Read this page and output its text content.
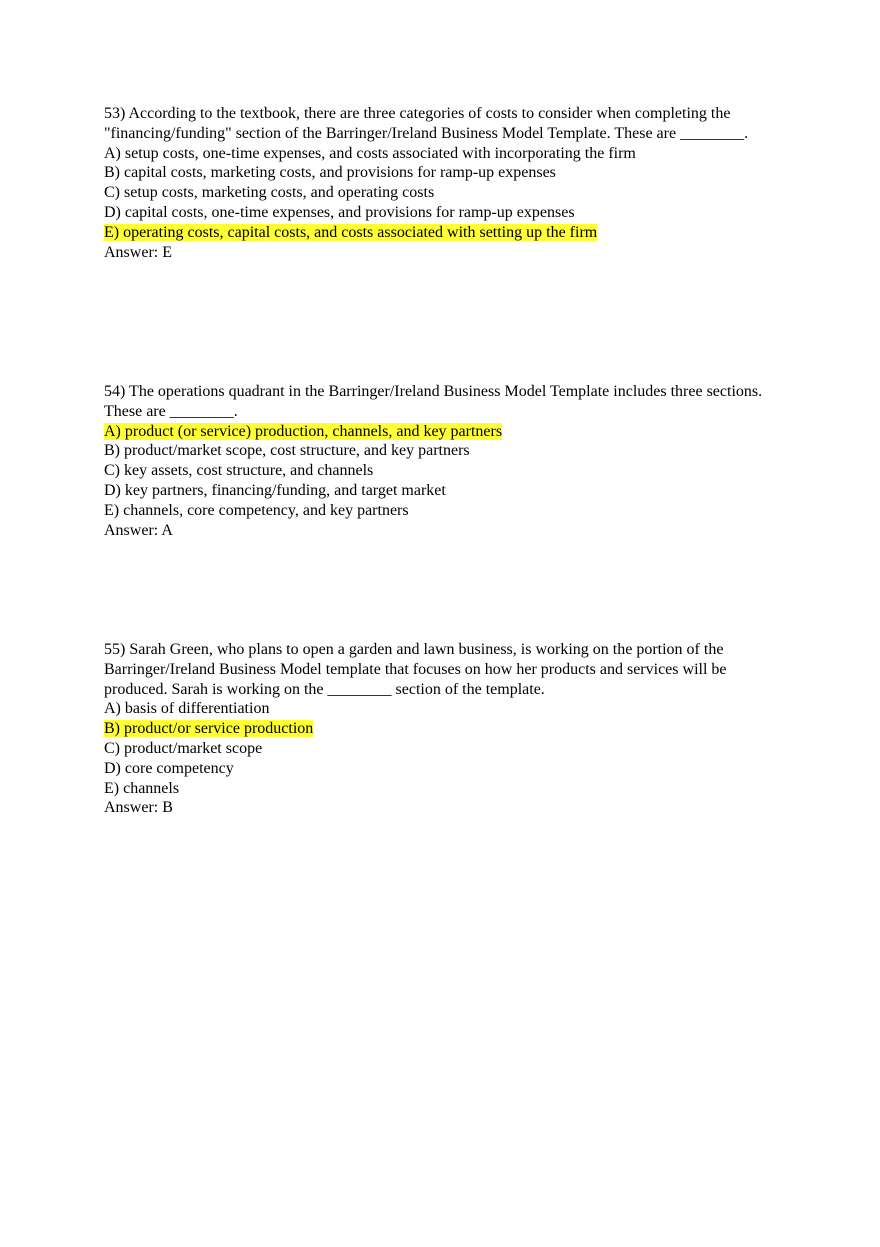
53) According to the textbook, there are three categories of costs to consider when completing the "financing/funding" section of the Barringer/Ireland Business Model Template. These are ________.

A) setup costs, one-time expenses, and costs associated with incorporating the firm

B) capital costs, marketing costs, and provisions for ramp-up expenses

C) setup costs, marketing costs, and operating costs

D) capital costs, one-time expenses, and provisions for ramp-up expenses

E) operating costs, capital costs, and costs associated with setting up the firm

Answer: E

54) The operations quadrant in the Barringer/Ireland Business Model Template includes three sections. These are ________.

A) product (or service) production, channels, and key partners

B) product/market scope, cost structure, and key partners

C) key assets, cost structure, and channels

D) key partners, financing/funding, and target market

E) channels, core competency, and key partners

Answer: A

55) Sarah Green, who plans to open a garden and lawn business, is working on the portion of the Barringer/Ireland Business Model template that focuses on how her products and services will be produced. Sarah is working on the ________ section of the template.

A) basis of differentiation

B) product/or service production

C) product/market scope

D) core competency

E) channels

Answer: B
